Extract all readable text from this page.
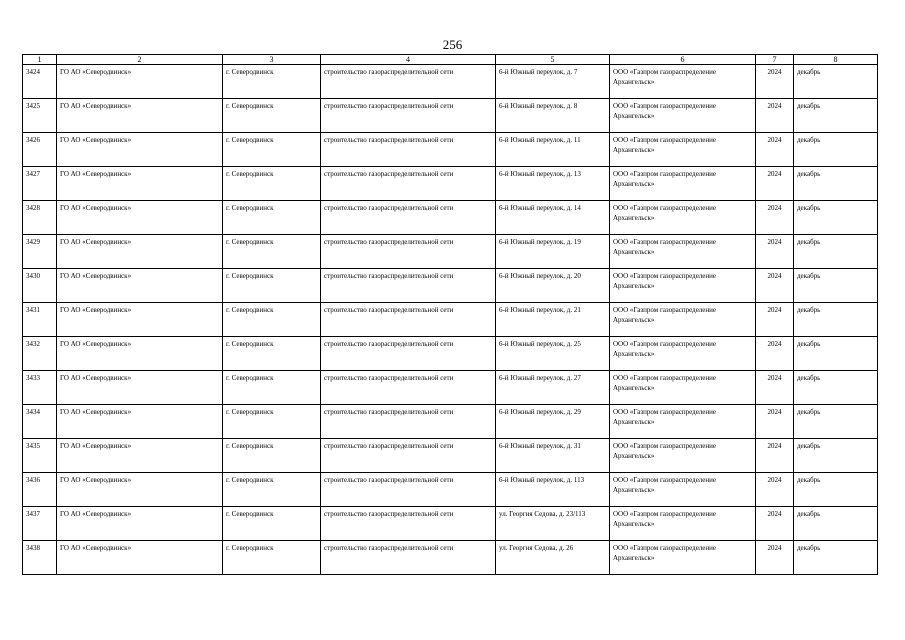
256
1	2	3	4	5	6	7	8
3424	ГО АО «Северодвинск»	г. Северодвинск	строительство газораспределительной сети	6-й Южный переулок, д. 7	ООО «Газпром газораспределение Архангельск»	2024	декабрь
3425	ГО АО «Северодвинск»	г. Северодвинск	строительство газораспределительной сети	6-й Южный переулок, д. 8	ООО «Газпром газораспределение Архангельск»	2024	декабрь
3426	ГО АО «Северодвинск»	г. Северодвинск	строительство газораспределительной сети	6-й Южный переулок, д. 11	ООО «Газпром газораспределение Архангельск»	2024	декабрь
3427	ГО АО «Северодвинск»	г. Северодвинск	строительство газораспределительной сети	6-й Южный переулок, д. 13	ООО «Газпром газораспределение Архангельск»	2024	декабрь
3428	ГО АО «Северодвинск»	г. Северодвинск	строительство газораспределительной сети	6-й Южный переулок, д. 14	ООО «Газпром газораспределение Архангельск»	2024	декабрь
3429	ГО АО «Северодвинск»	г. Северодвинск	строительство газораспределительной сети	6-й Южный переулок, д. 19	ООО «Газпром газораспределение Архангельск»	2024	декабрь
3430	ГО АО «Северодвинск»	г. Северодвинск	строительство газораспределительной сети	6-й Южный переулок, д. 20	ООО «Газпром газораспределение Архангельск»	2024	декабрь
3431	ГО АО «Северодвинск»	г. Северодвинск	строительство газораспределительной сети	6-й Южный переулок, д. 21	ООО «Газпром газораспределение Архангельск»	2024	декабрь
3432	ГО АО «Северодвинск»	г. Северодвинск	строительство газораспределительной сети	6-й Южный переулок, д. 25	ООО «Газпром газораспределение Архангельск»	2024	декабрь
3433	ГО АО «Северодвинск»	г. Северодвинск	строительство газораспределительной сети	6-й Южный переулок, д. 27	ООО «Газпром газораспределение Архангельск»	2024	декабрь
3434	ГО АО «Северодвинск»	г. Северодвинск	строительство газораспределительной сети	6-й Южный переулок, д. 29	ООО «Газпром газораспределение Архангельск»	2024	декабрь
3435	ГО АО «Северодвинск»	г. Северодвинск	строительство газораспределительной сети	6-й Южный переулок, д. 31	ООО «Газпром газораспределение Архангельск»	2024	декабрь
3436	ГО АО «Северодвинск»	г. Северодвинск	строительство газораспределительной сети	6-й Южный переулок, д. 113	ООО «Газпром газораспределение Архангельск»	2024	декабрь
3437	ГО АО «Северодвинск»	г. Северодвинск	строительство газораспределительной сети	ул. Георгия Седова, д. 23/113	ООО «Газпром газораспределение Архангельск»	2024	декабрь
3438	ГО АО «Северодвинск»	г. Северодвинск	строительство газораспределительной сети	ул. Георгия Седова, д. 26	ООО «Газпром газораспределение Архангельск»	2024	декабрь
